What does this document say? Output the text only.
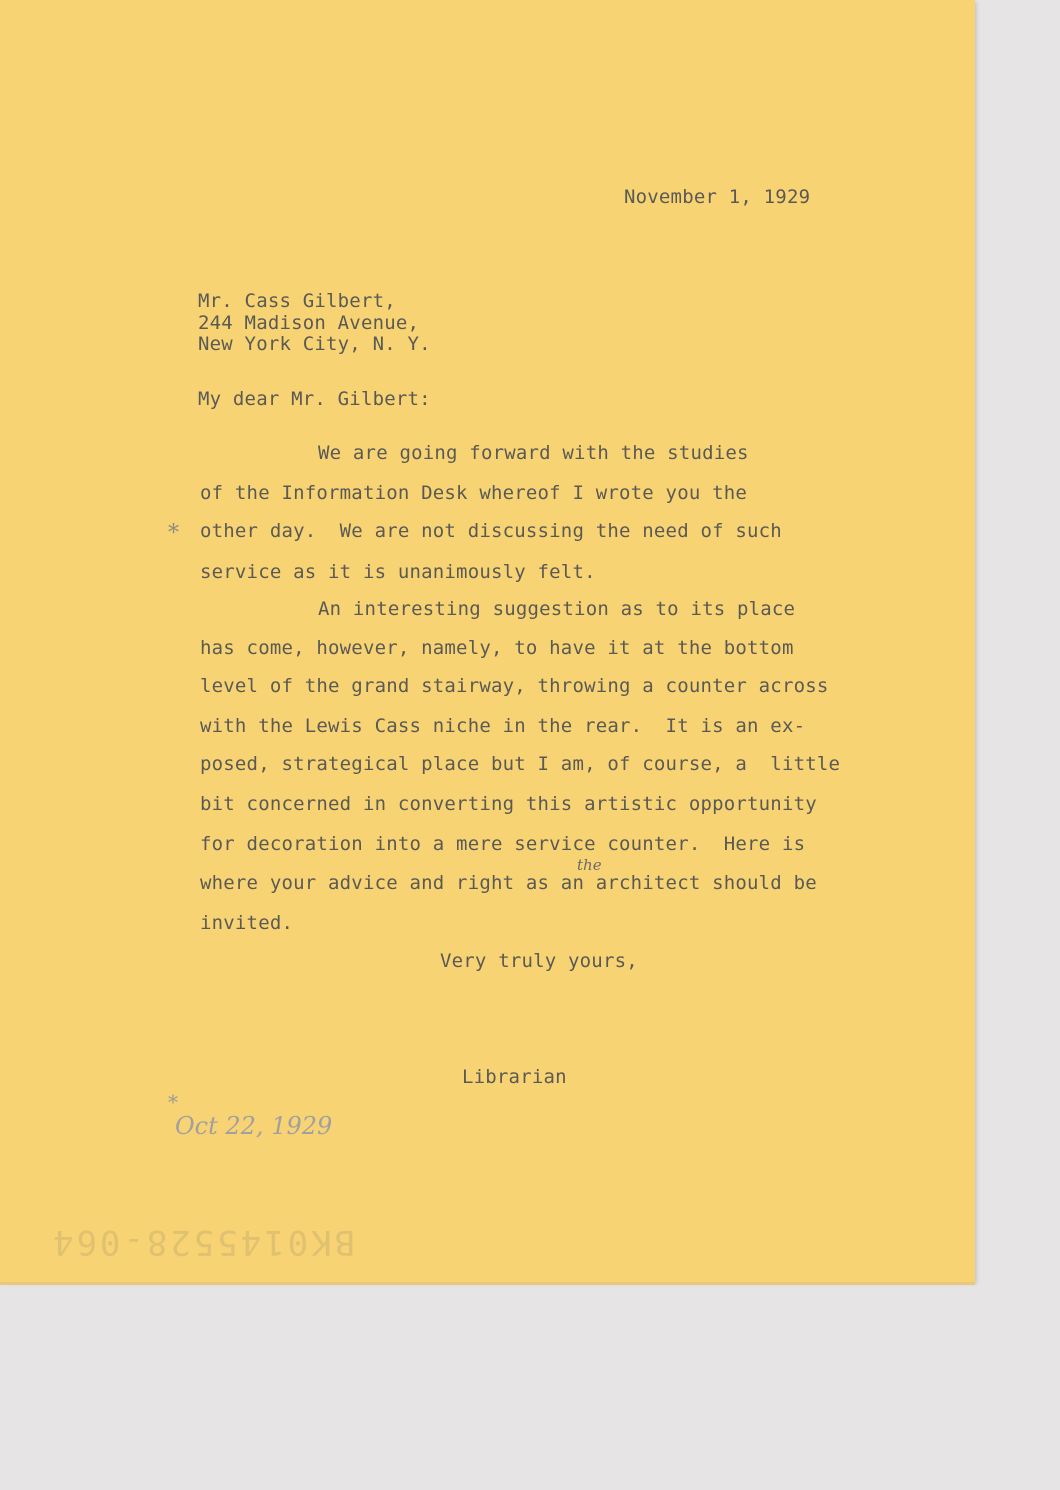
November 1, 1929
Mr. Cass Gilbert,
244 Madison Avenue,
New York City, N. Y.
My dear Mr. Gilbert:
We are going forward with the studies
of the Information Desk whereof I wrote you the
other day.  We are not discussing the need of such
service as it is unanimously felt.
An interesting suggestion as to its place
has come, however, namely, to have it at the bottom
level of the grand stairway, throwing a counter across
with the Lewis Cass niche in the rear.  It is an ex-
posed, strategical place but I am, of course, a  little
bit concerned in converting this artistic opportunity
for decoration into a mere service counter.  Here is
where your advice and right as an architect should be
invited.
Very truly yours,
Librarian
*
the
*
Oct 22, 1929
BK0145528-064
